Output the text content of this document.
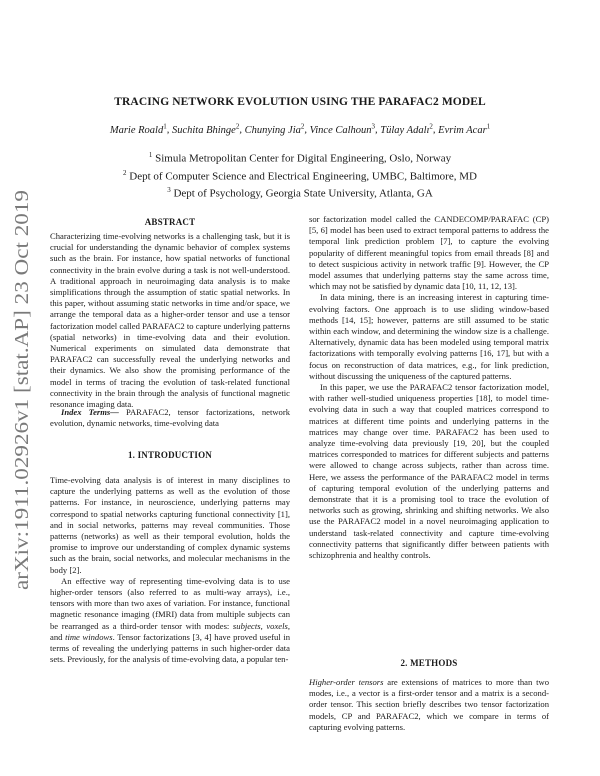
arXiv:1911.02926v1 [stat.AP] 23 Oct 2019
TRACING NETWORK EVOLUTION USING THE PARAFAC2 MODEL
Marie Roald$^1$, Suchita Bhinge$^2$, Chunying Jia$^2$, Vince Calhoun$^3$, Tülay Adalı$^2$, Evrim Acar$^1$
$^1$ Simula Metropolitan Center for Digital Engineering, Oslo, Norway
$^2$ Dept of Computer Science and Electrical Engineering, UMBC, Baltimore, MD
$^3$ Dept of Psychology, Georgia State University, Atlanta, GA
ABSTRACT

Characterizing time-evolving networks is a challenging task, but it is crucial for understanding the dynamic behavior of complex systems such as the brain. For instance, how spatial networks of functional connectivity in the brain evolve during a task is not well-understood. A traditional approach in neuroimaging data analysis is to make simplifications through the assumption of static spatial networks. In this paper, without assuming static networks in time and/or space, we arrange the temporal data as a higher-order tensor and use a tensor factorization model called PARAFAC2 to capture underlying patterns (spatial networks) in time-evolving data and their evolution. Numerical experiments on simulated data demonstrate that PARAFAC2 can successfully reveal the underlying networks and their dynamics. We also show the promising performance of the model in terms of tracing the evolution of task-related functional connectivity in the brain through the analysis of functional magnetic resonance imaging data.

Index Terms— PARAFAC2, tensor factorizations, network evolution, dynamic networks, time-evolving data

1. INTRODUCTION

Time-evolving data analysis is of interest in many disciplines to capture the underlying patterns as well as the evolution of those patterns. For instance, in neuroscience, underlying patterns may correspond to spatial networks capturing functional connectivity [1], and in social networks, patterns may reveal communities. Those patterns (networks) as well as their temporal evolution, holds the promise to improve our understanding of complex dynamic systems such as the brain, social networks, and molecular mechanisms in the body [2].

An effective way of representing time-evolving data is to use higher-order tensors (also referred to as multi-way arrays), i.e., tensors with more than two axes of variation. For instance, functional magnetic resonance imaging (fMRI) data from multiple subjects can be rearranged as a third-order tensor with modes: subjects, voxels, and time windows. Tensor factorizations [3, 4] have proved useful in terms of revealing the underlying patterns in such higher-order data sets. Previously, for the analysis of time-evolving data, a popular ten-

sor factorization model called the CANDECOMP/PARAFAC (CP) [5, 6] model has been used to extract temporal patterns to address the temporal link prediction problem [7], to capture the evolving popularity of different meaningful topics from email threads [8] and to detect suspicious activity in network traffic [9]. However, the CP model assumes that underlying patterns stay the same across time, which may not be satisfied by dynamic data [10, 11, 12, 13].

In data mining, there is an increasing interest in capturing time-evolving factors. One approach is to use sliding window-based methods [14, 15]; however, patterns are still assumed to be static within each window, and determining the window size is a challenge. Alternatively, dynamic data has been modeled using temporal matrix factorizations with temporally evolving patterns [16, 17], but with a focus on reconstruction of data matrices, e.g., for link prediction, without discussing the uniqueness of the captured patterns.

In this paper, we use the PARAFAC2 tensor factorization model, with rather well-studied uniqueness properties [18], to model time-evolving data in such a way that coupled matrices correspond to matrices at different time points and underlying patterns in the matrices may change over time. PARAFAC2 has been used to analyze time-evolving data previously [19, 20], but the coupled matrices corresponded to matrices for different subjects and patterns were allowed to change across subjects, rather than across time. Here, we assess the performance of the PARAFAC2 model in terms of capturing temporal evolution of the underlying patterns and demonstrate that it is a promising tool to trace the evolution of networks such as growing, shrinking and shifting networks. We also use the PARAFAC2 model in a novel neuroimaging application to understand task-related connectivity and capture time-evolving connectivity patterns that significantly differ between patients with schizophrenia and healthy controls.

2. METHODS

Higher-order tensors are extensions of matrices to more than two modes, i.e., a vector is a first-order tensor and a matrix is a second-order tensor. This section briefly describes two tensor factorization models, CP and PARAFAC2, which we compare in terms of capturing evolving patterns.
